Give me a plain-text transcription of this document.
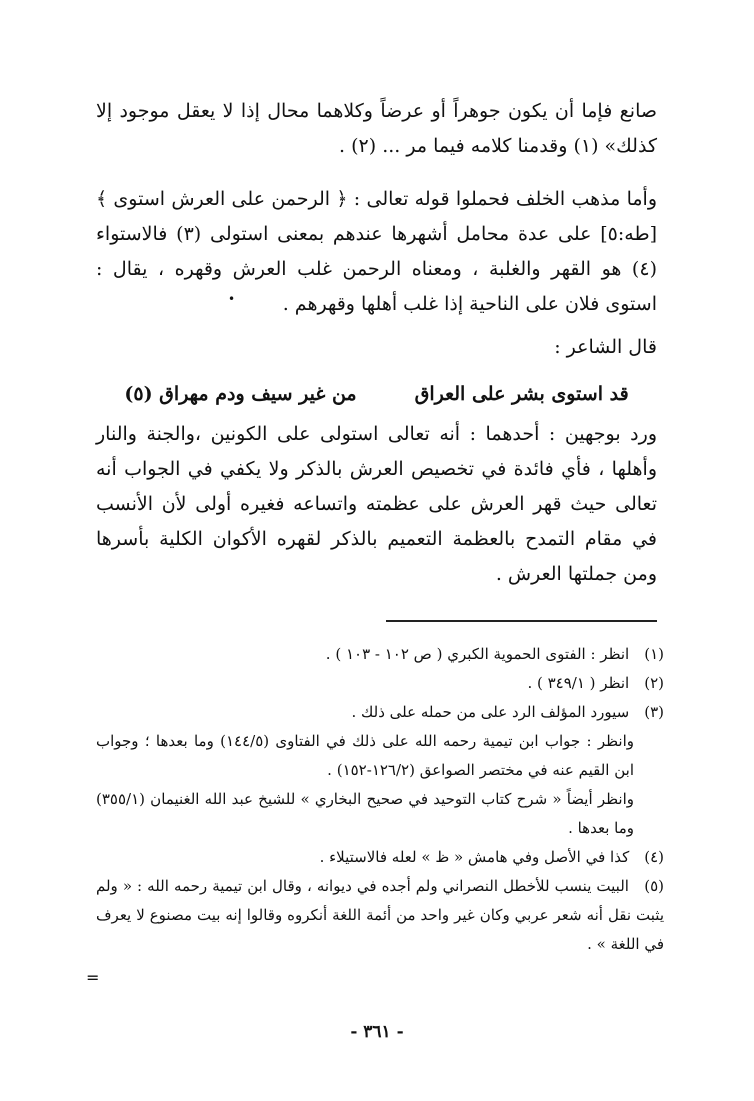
صانع فإما أن يكون جوهراً أو عرضاً وكلاهما محال إذا لا يعقل موجود إلا كذلك» (١) وقدمنا كلامه فيما مر ... (٢) .

وأما مذهب الخلف فحملوا قوله تعالى : ﴿ الرحمن على العرش استوى ﴾ [طه:٥] على عدة محامل أشهرها عندهم بمعنى استولى (٣) فالاستواء (٤) هو القهر والغلبة ، ومعناه الرحمن غلب العرش وقهره ، يقال : استوى فلان على الناحية إذا غلب أهلها وقهرهم .

قال الشاعر :

قد استوى بشر على العراق
من غير سيف ودم مهراق (٥)

ورد بوجهين : أحدهما : أنه تعالى استولى على الكونين ،والجنة والنار وأهلها ، فأي فائدة في تخصيص العرش بالذكر ولا يكفي في الجواب أنه تعالى حيث قهر العرش على عظمته واتساعه فغيره أولى لأن الأنسب في مقام التمدح بالعظمة التعميم بالذكر لقهره الأكوان الكلية بأسرها ومن جملتها العرش .

•

(١) انظر : الفتوى الحموية الكبري ( ص ١٠٢ - ١٠٣ ) .

(٢) انظر ( ٣٤٩/١ ) .

(٣) سيورد المؤلف الرد على من حمله على ذلك .

وانظر : جواب ابن تيمية رحمه الله على ذلك في الفتاوى (١٤٤/٥) وما بعدها ؛ وجواب ابن القيم عنه في مختصر الصواعق (١٢٦/٢-١٥٢) .

وانظر أيضاً « شرح كتاب التوحيد في صحيح البخاري » للشيخ عبد الله الغنيمان (٣٥٥/١) وما بعدها .

(٤) كذا في الأصل وفي هامش « ظ » لعله فالاستيلاء .

(٥) البيت ينسب للأخطل النصراني ولم أجده في ديوانه ، وقال ابن تيمية رحمه الله : « ولم يثبت نقل أنه شعر عربي وكان غير واحد من أئمة اللغة أنكروه وقالوا إنه بيت مصنوع لا يعرف في اللغة » .

=
- ٣٦١ -
